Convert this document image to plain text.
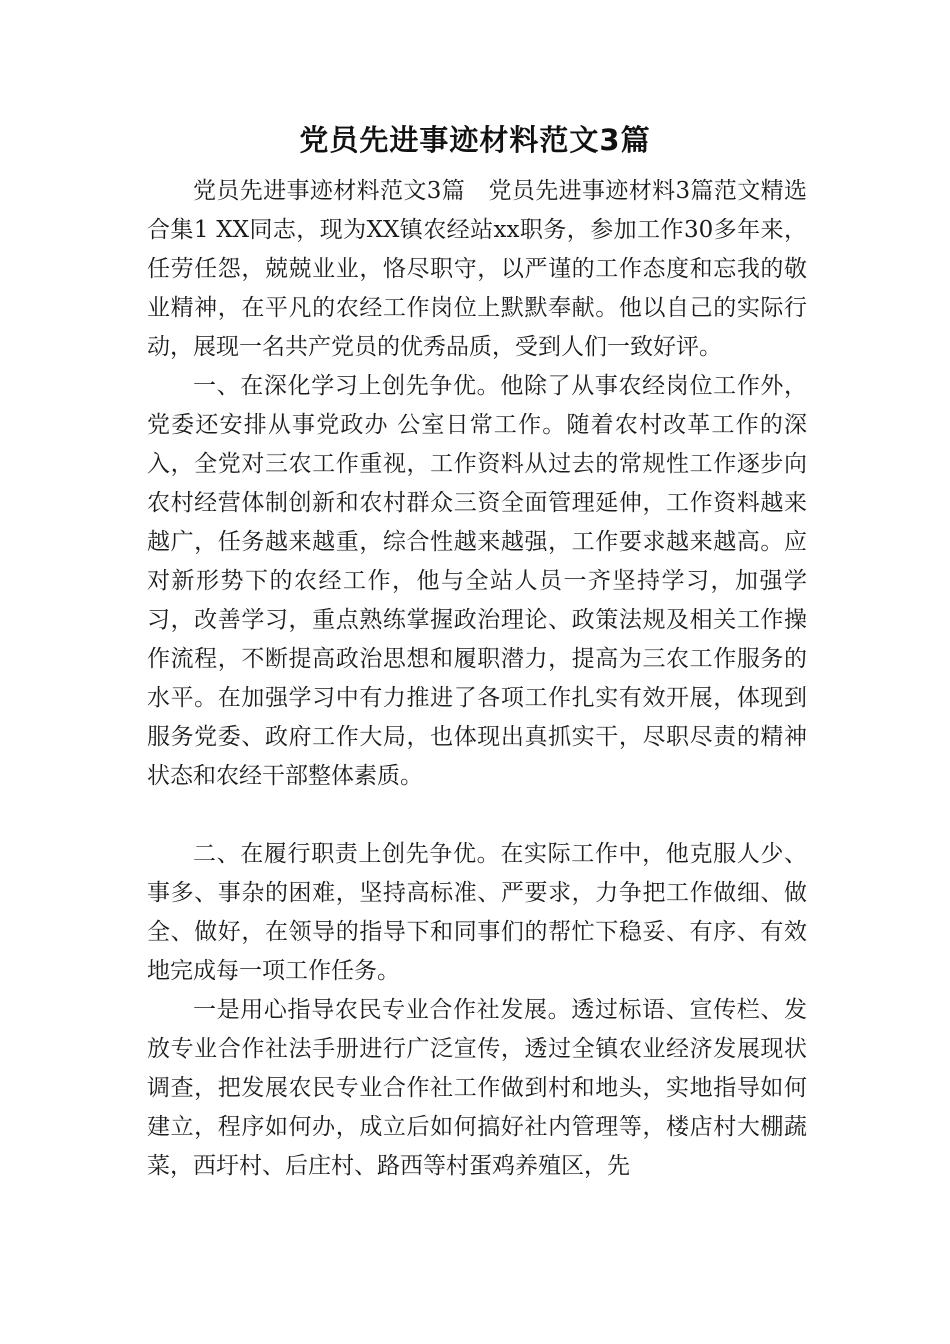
党员先进事迹材料范文3篇

党员先进事迹材料范文3篇　党员先进事迹材料3篇范文精选合集1 XX同志，现为XX镇农经站xx职务，参加工作30多年来，任劳任怨，兢兢业业，恪尽职守，以严谨的工作态度和忘我的敬业精神，在平凡的农经工作岗位上默默奉献。他以自己的实际行动，展现一名共产党员的优秀品质，受到人们一致好评。

一、在深化学习上创先争优。他除了从事农经岗位工作外，党委还安排从事党政办 公室日常工作。随着农村改革工作的深入，全党对三农工作重视，工作资料从过去的常规性工作逐步向农村经营体制创新和农村群众三资全面管理延伸，工作资料越来越广，任务越来越重，综合性越来越强，工作要求越来越高。应对新形势下的农经工作，他与全站人员一齐坚持学习，加强学习，改善学习，重点熟练掌握政治理论、政策法规及相关工作操作流程，不断提高政治思想和履职潜力，提高为三农工作服务的水平。在加强学习中有力推进了各项工作扎实有效开展，体现到服务党委、政府工作大局，也体现出真抓实干，尽职尽责的精神状态和农经干部整体素质。

二、在履行职责上创先争优。在实际工作中，他克服人少、事多、事杂的困难，坚持高标准、严要求，力争把工作做细、做全、做好，在领导的指导下和同事们的帮忙下稳妥、有序、有效地完成每一项工作任务。

一是用心指导农民专业合作社发展。透过标语、宣传栏、发放专业合作社法手册进行广泛宣传，透过全镇农业经济发展现状调查，把发展农民专业合作社工作做到村和地头，实地指导如何建立，程序如何办，成立后如何搞好社内管理等，楼店村大棚蔬菜，西圩村、后庄村、路西等村蛋鸡养殖区，先
